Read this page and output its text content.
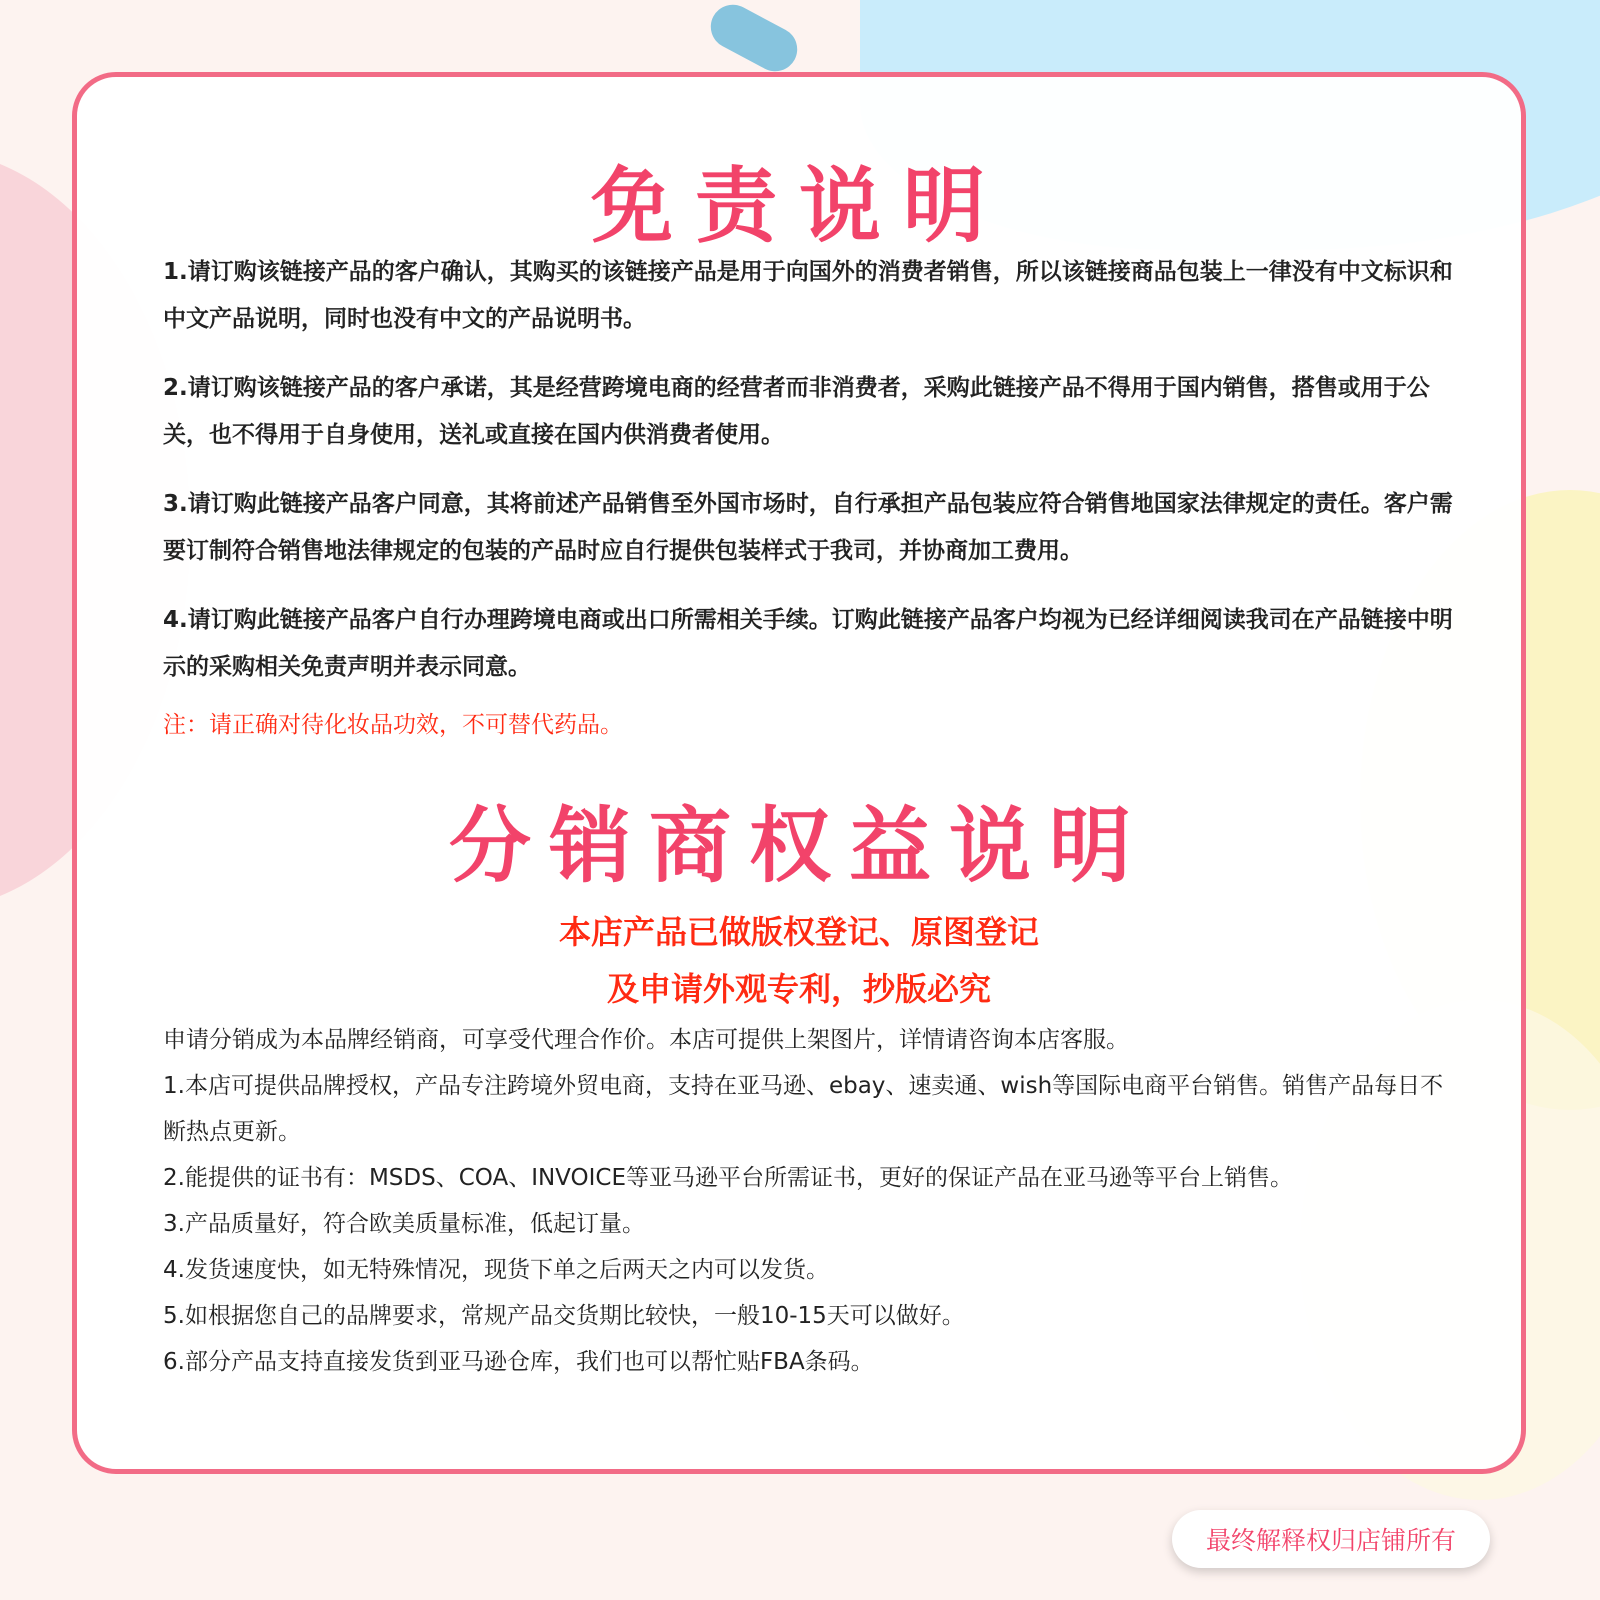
免责说明

1.请订购该链接产品的客户确认，其购买的该链接产品是用于向国外的消费者销售，所以该链接商品包装上一律没有中文标识和中文产品说明，同时也没有中文的产品说明书。

2.请订购该链接产品的客户承诺，其是经营跨境电商的经营者而非消费者，采购此链接产品不得用于国内销售，搭售或用于公关，也不得用于自身使用，送礼或直接在国内供消费者使用。

3.请订购此链接产品客户同意，其将前述产品销售至外国市场时，自行承担产品包装应符合销售地国家法律规定的责任。客户需要订制符合销售地法律规定的包装的产品时应自行提供包装样式于我司，并协商加工费用。

4.请订购此链接产品客户自行办理跨境电商或出口所需相关手续。订购此链接产品客户均视为已经详细阅读我司在产品链接中明示的采购相关免责声明并表示同意。

注：请正确对待化妆品功效，不可替代药品。

分销商权益说明

本店产品已做版权登记、原图登记

及申请外观专利，抄版必究

申请分销成为本品牌经销商，可享受代理合作价。本店可提供上架图片，详情请咨询本店客服。

1.本店可提供品牌授权，产品专注跨境外贸电商，支持在亚马逊、ebay、速卖通、wish等国际电商平台销售。销售产品每日不断热点更新。

2.能提供的证书有：MSDS、COA、INVOICE等亚马逊平台所需证书，更好的保证产品在亚马逊等平台上销售。

3.产品质量好，符合欧美质量标准，低起订量。

4.发货速度快，如无特殊情况，现货下单之后两天之内可以发货。

5.如根据您自己的品牌要求，常规产品交货期比较快，一般10-15天可以做好。

6.部分产品支持直接发货到亚马逊仓库，我们也可以帮忙贴FBA条码。

最终解释权归店铺所有
